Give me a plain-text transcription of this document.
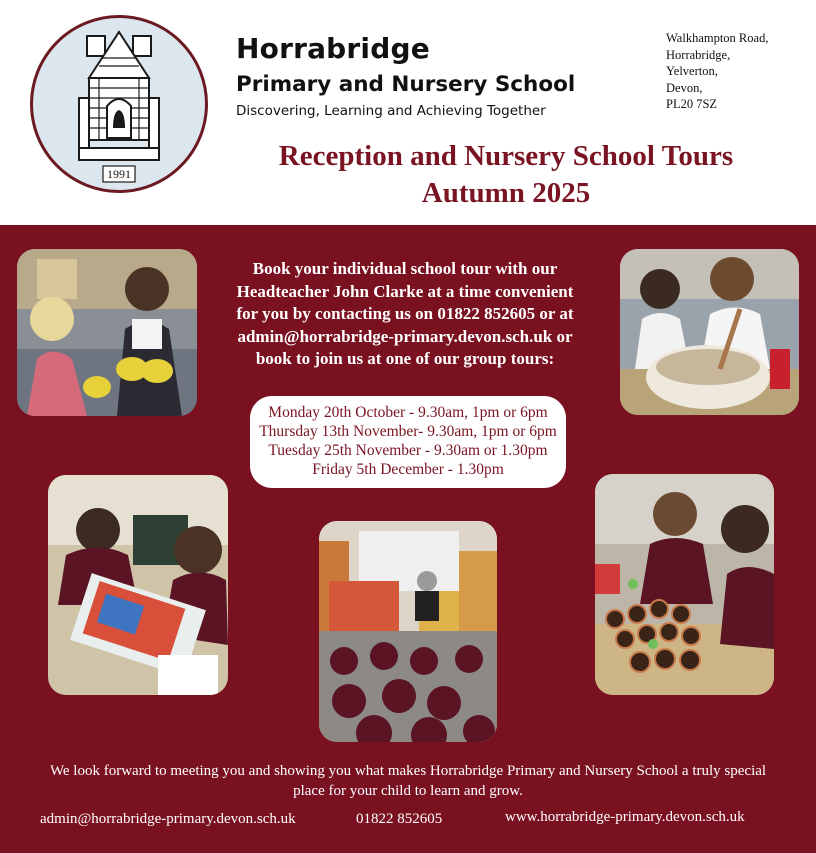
1991
Horrabridge
Primary and Nursery School
Discovering, Learning and Achieving Together
Walkhampton Road,
Horrabridge,
Yelverton,
Devon,
PL20 7SZ
Reception and Nursery School Tours
Autumn 2025
Book your individual school tour with our
Headteacher John Clarke at a time convenient
for you by contacting us on 01822 852605 or at
admin@horrabridge-primary.devon.sch.uk or
book to join us at one of our group tours:
Monday 20th October - 9.30am, 1pm or 6pm
Thursday 13th November- 9.30am, 1pm or 6pm
Tuesday 25th November - 9.30am or 1.30pm
Friday 5th December - 1.30pm
We look forward to meeting you and showing you what makes Horrabridge Primary and Nursery School a truly special
place for your child to learn and grow.
admin@horrabridge-primary.devon.sch.uk	01822 852605	www.horrabridge-primary.devon.sch.uk
